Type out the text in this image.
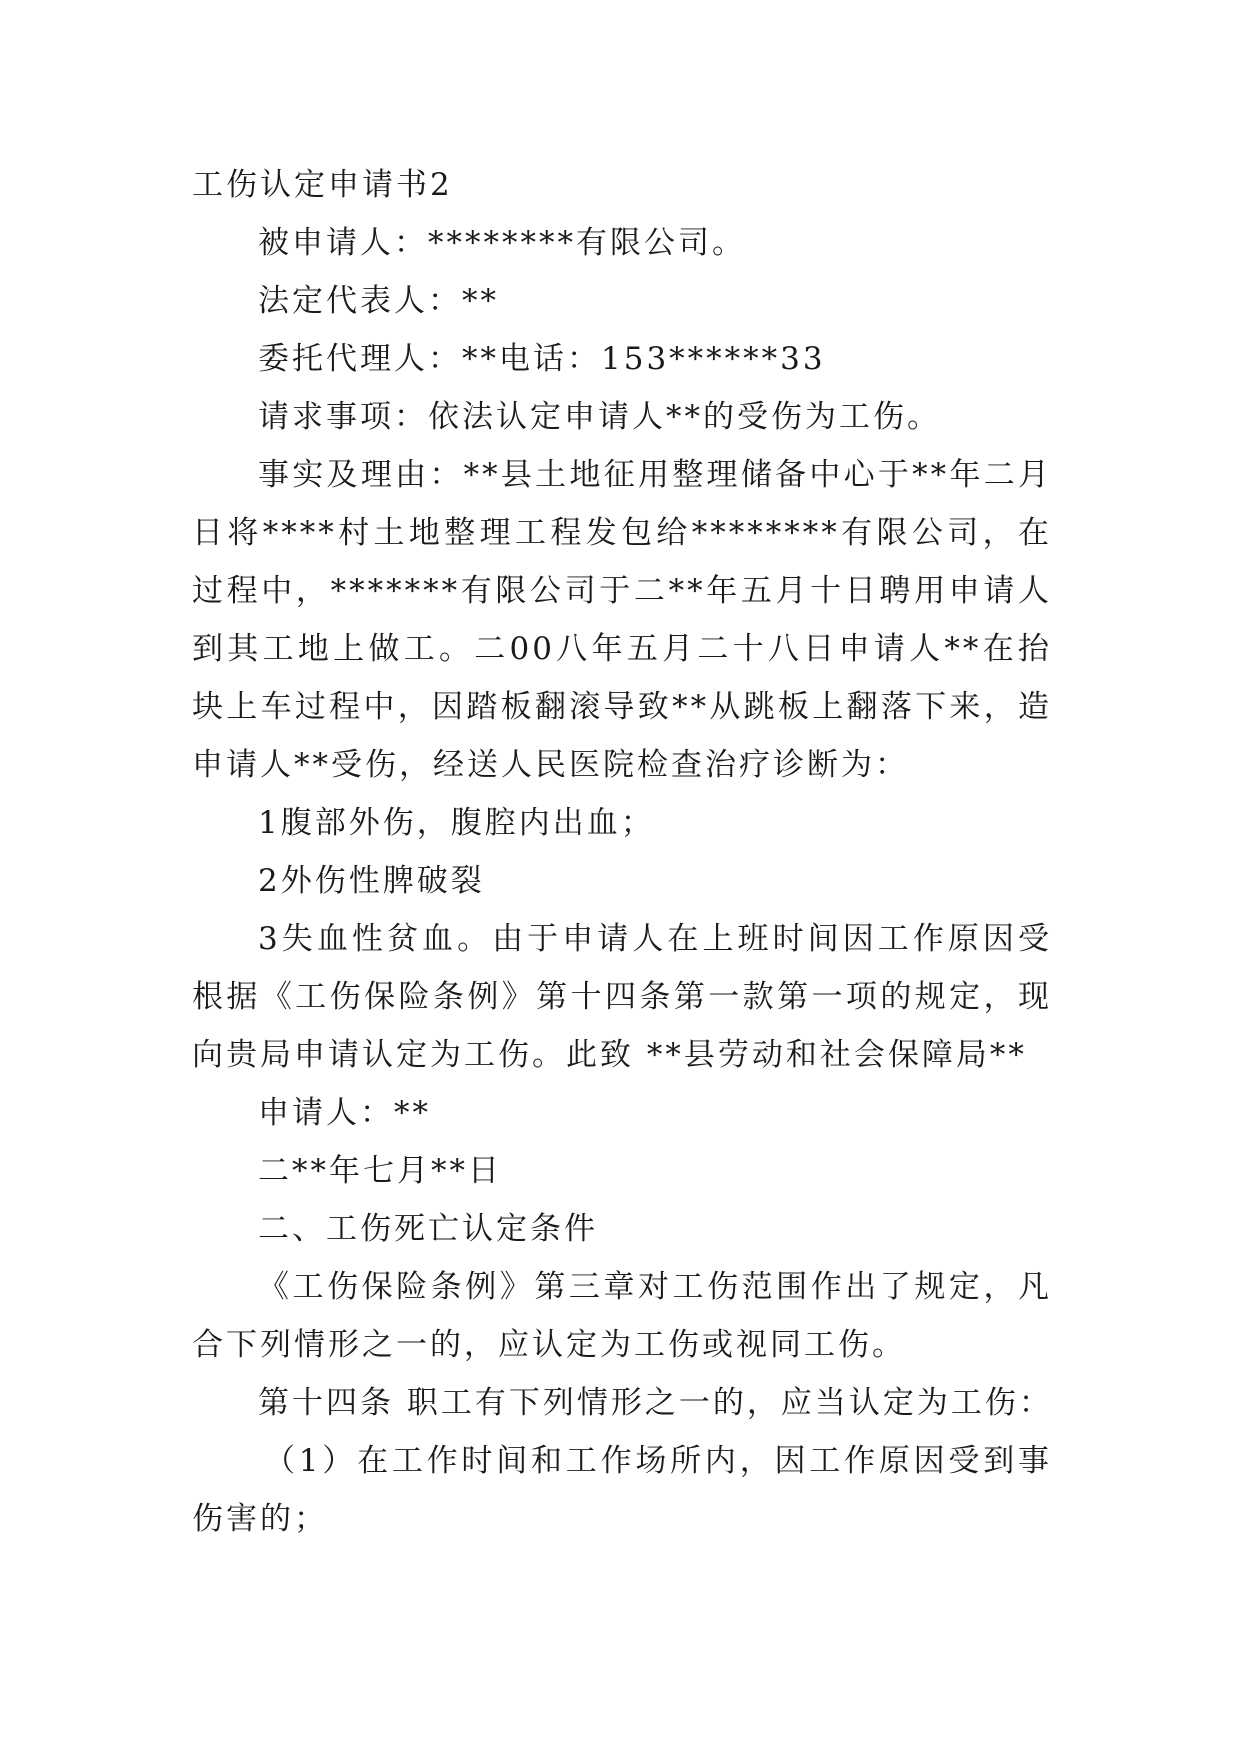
工伤认定申请书2
被申请人：********有限公司。
法定代表人：**
委托代理人：**电话：153******33
请求事项：依法认定申请人**的受伤为工伤。
事实及理由：**县土地征用整理储备中心于**年二月
日将****村土地整理工程发包给********有限公司，在
过程中，*******有限公司于二**年五月十日聘用申请人
到其工地上做工。二00八年五月二十八日申请人**在抬
块上车过程中，因踏板翻滚导致**从跳板上翻落下来，造
申请人**受伤，经送人民医院检查治疗诊断为：
1腹部外伤，腹腔内出血；
2外伤性脾破裂
3失血性贫血。由于申请人在上班时间因工作原因受
根据《工伤保险条例》第十四条第一款第一项的规定，现
向贵局申请认定为工伤。此致 **县劳动和社会保障局**
申请人：**
二**年七月**日
二、工伤死亡认定条件
《工伤保险条例》第三章对工伤范围作出了规定，凡
合下列情形之一的，应认定为工伤或视同工伤。
第十四条 职工有下列情形之一的，应当认定为工伤：
（1）在工作时间和工作场所内，因工作原因受到事
伤害的；
